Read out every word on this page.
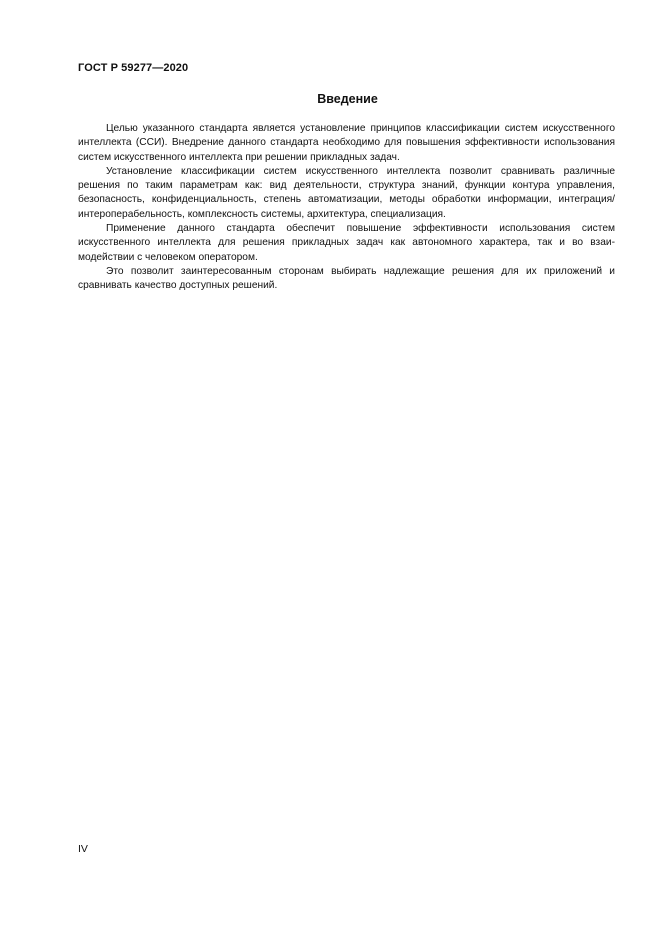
ГОСТ Р 59277—2020
Введение

Целью указанного стандарта является установление принципов классификации систем искусственного интеллекта (ССИ). Внедрение данного стандарта необходимо для повышения эффективности использования систем искусственного интеллекта при решении прикладных задач.

Установление классификации систем искусственного интеллекта позволит сравнивать различные решения по таким параметрам как: вид деятельности, структура знаний, функции контура управления, безопасность, конфиденциальность, степень автоматизации, методы обработки информации, интеграция/интероперабельность, комплексность системы, архитектура, специализация.

Применение данного стандарта обеспечит повышение эффективности использования систем искусственного интеллекта для решения прикладных задач как автономного характера, так и во взаимодействии с человеком оператором.

Это позволит заинтересованным сторонам выбирать надлежащие решения для их приложений и сравнивать качество доступных решений.

IV
